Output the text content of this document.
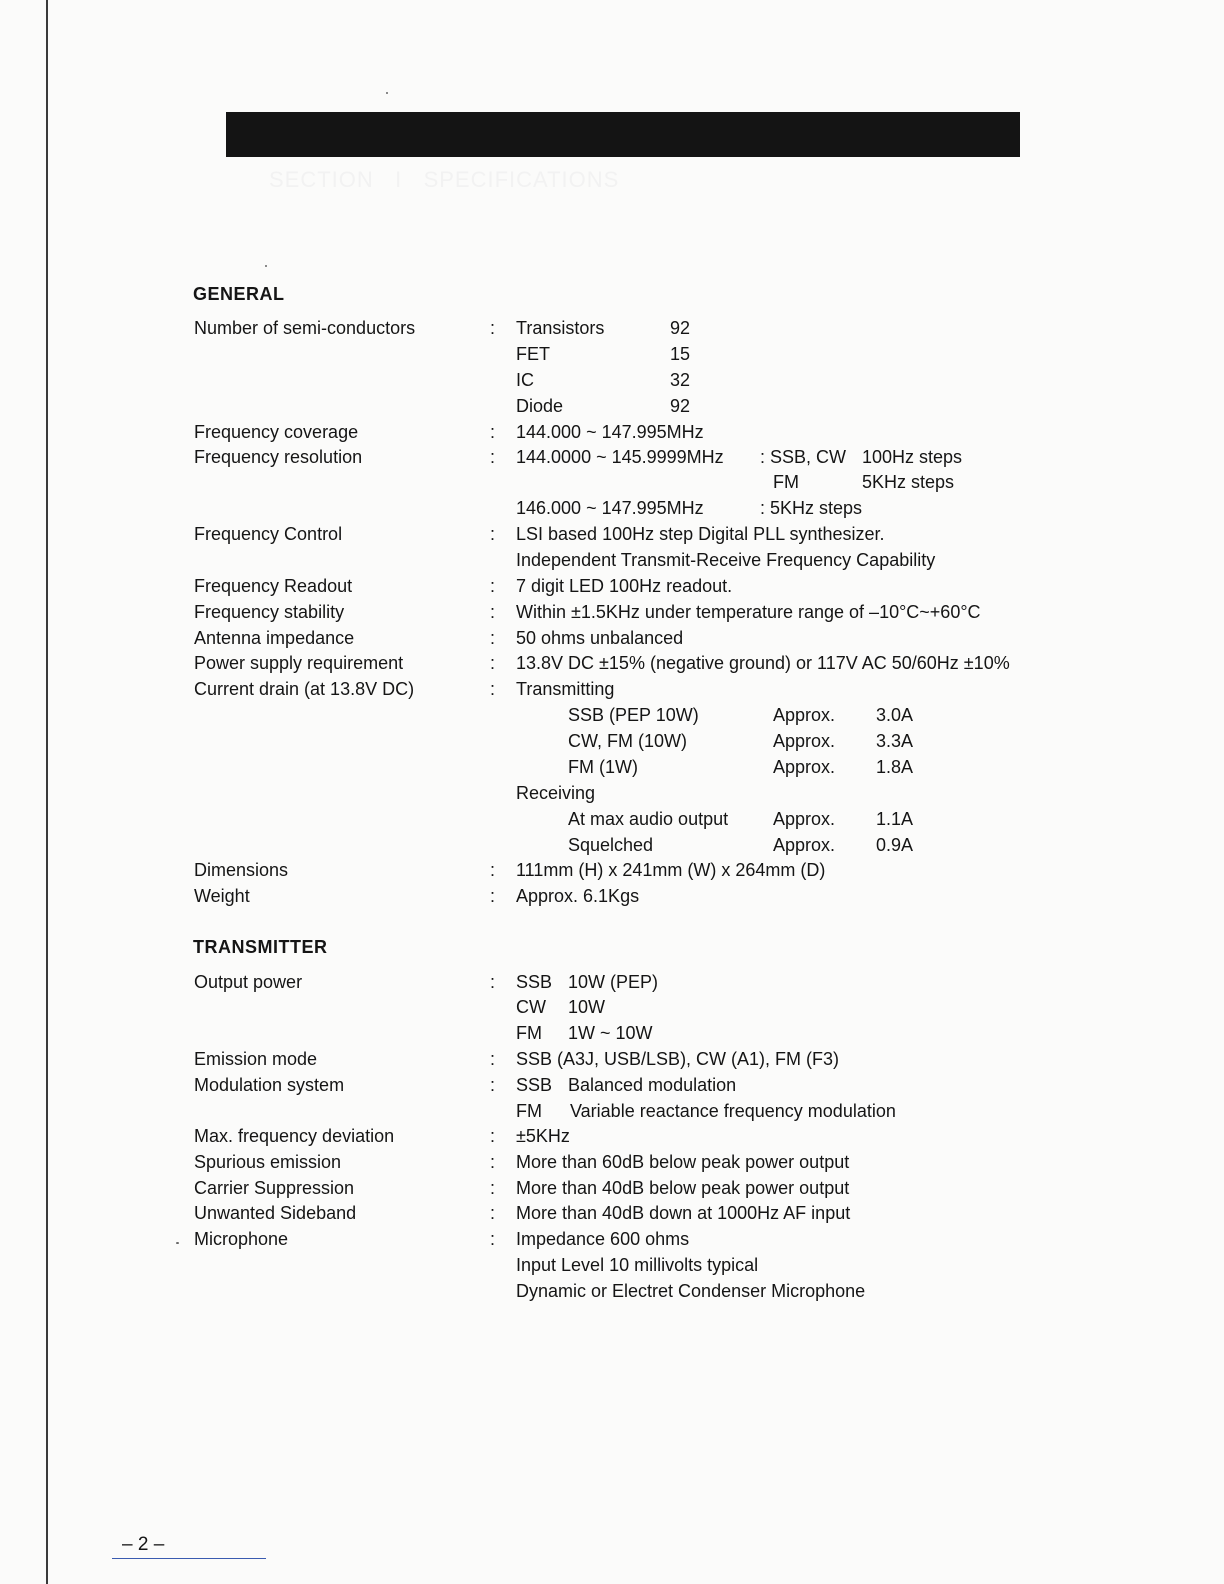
SECTION   I   SPECIFICATIONS

GENERAL
Number of semi-conductors	: Transistors	92
FET	15
IC	32
Diode	92
Frequency coverage	: 144.000 ~ 147.995MHz
Frequency resolution	: 144.0000 ~ 145.9999MHz : SSB, CW 100Hz steps
FM	5KHz steps
146.000 ~ 147.995MHz	: 5KHz steps
Frequency Control	: LSI based 100Hz step Digital PLL synthesizer.
Independent Transmit-Receive Frequency Capability
Frequency Readout	: 7 digit LED 100Hz readout.
Frequency stability	: Within ±1.5KHz under temperature range of –10°C~+60°C
Antenna impedance	: 50 ohms unbalanced
Power supply requirement	: 13.8V DC ±15% (negative ground) or 117V AC 50/60Hz ±10%
Current drain (at 13.8V DC)	: Transmitting
SSB (PEP 10W)	Approx. 3.0A
CW, FM (10W)	Approx. 3.3A
FM (1W)	Approx. 1.8A
Receiving
At max audio output Approx. 1.1A
Squelched	Approx. 0.9A
Dimensions	: 111mm (H) x 241mm (W) x 264mm (D)
Weight	: Approx. 6.1Kgs
TRANSMITTER
Output power	: SSB 10W (PEP)
CW 10W
FM 1W ~ 10W
Emission mode	: SSB (A3J, USB/LSB), CW (A1), FM (F3)
Modulation system	: SSB Balanced modulation
FM Variable reactance frequency modulation
Max. frequency deviation	: ±5KHz
Spurious emission	: More than 60dB below peak power output
Carrier Suppression	: More than 40dB below peak power output
Unwanted Sideband	: More than 40dB down at 1000Hz AF input
Microphone	: Impedance 600 ohms
Input Level 10 millivolts typical
Dynamic or Electret Condenser Microphone
– 2 –
